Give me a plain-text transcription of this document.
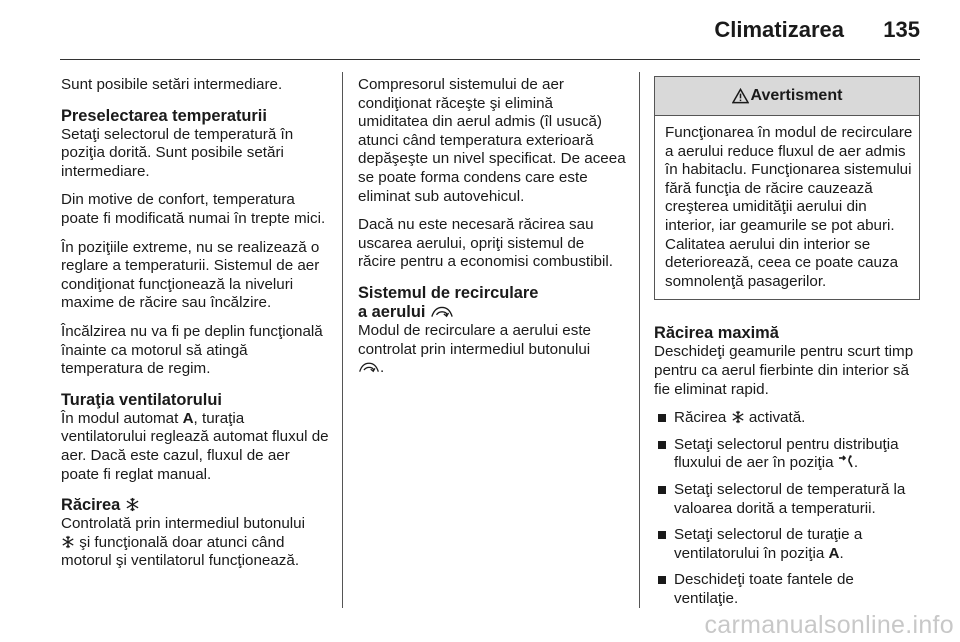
Climatizarea 135

Sunt posibile setări intermediare.

Preselectarea temperaturii

Setaţi selectorul de temperatură în poziţia dorită. Sunt posibile setări intermediare.

Din motive de confort, temperatura poate fi modificată numai în trepte mici.

În poziţiile extreme, nu se realizează o reglare a temperaturii. Sistemul de aer condiţionat funcţionează la niveluri maxime de răcire sau încălzire.

Încălzirea nu va fi pe deplin funcţională înainte ca motorul să atingă temperatura de regim.

Turaţia ventilatorului

În modul automat A, turaţia ventilatorului reglează automat fluxul de aer. Dacă este cazul, fluxul de aer poate fi reglat manual.

Răcirea

Controlată prin intermediul butonului
şi funcţională doar atunci când motorul şi ventilatorul funcţionează.

Compresorul sistemului de aer condiţionat răceşte şi elimină umiditatea din aerul admis (îl usucă) atunci când temperatura exterioară depăşeşte un nivel specificat. De aceea se poate forma condens care este eliminat sub autovehicul.

Dacă nu este necesară răcirea sau uscarea aerului, opriţi sistemul de răcire pentru a economisi combustibil.

Sistemul de recirculare
a aerului

Modul de recirculare a aerului este controlat prin intermediul butonului
.

Avertisment
Funcţionarea în modul de recirculare a aerului reduce fluxul de aer admis în habitaclu. Funcţionarea sistemului fără funcţia de răcire cauzează creşterea umidităţii aerului din interior, iar geamurile se pot aburi. Calitatea aerului din interior se deteriorează, ceea ce poate cauza somnolenţă pasagerilor.
Răcirea maximă

Deschideţi geamurile pentru scurt timp pentru ca aerul fierbinte din interior să fie eliminat rapid.

Răcirea activată.
Setaţi selectorul pentru distribuţia fluxului de aer în poziţia .
Setaţi selectorul de temperatură la valoarea dorită a temperaturii.
Setaţi selectorul de turaţie a ventilatorului în poziţia A.
Deschideţi toate fantele de ventilaţie.
carmanualsonline.info
